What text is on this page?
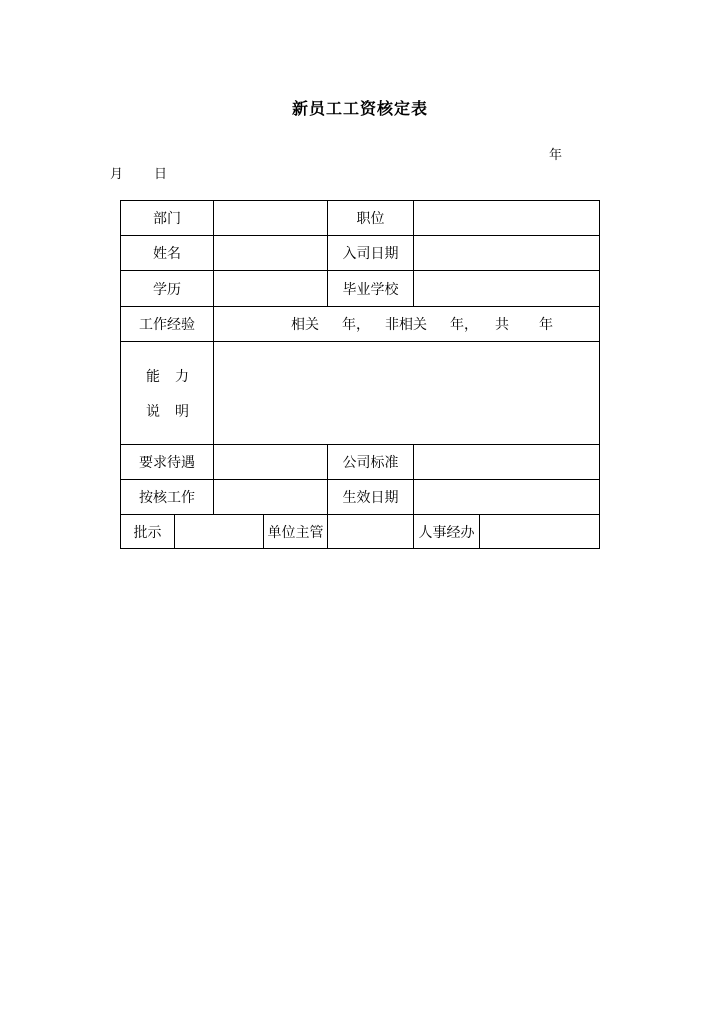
新员工工资核定表
年
月 日
部门	职位
姓名	入司日期
学历	毕业学校
工作经验	相关 年， 非相关 年， 共 年
能 力
说 明
要求待遇	公司标准
按核工作	生效日期
批示	单位主管	人事经办
